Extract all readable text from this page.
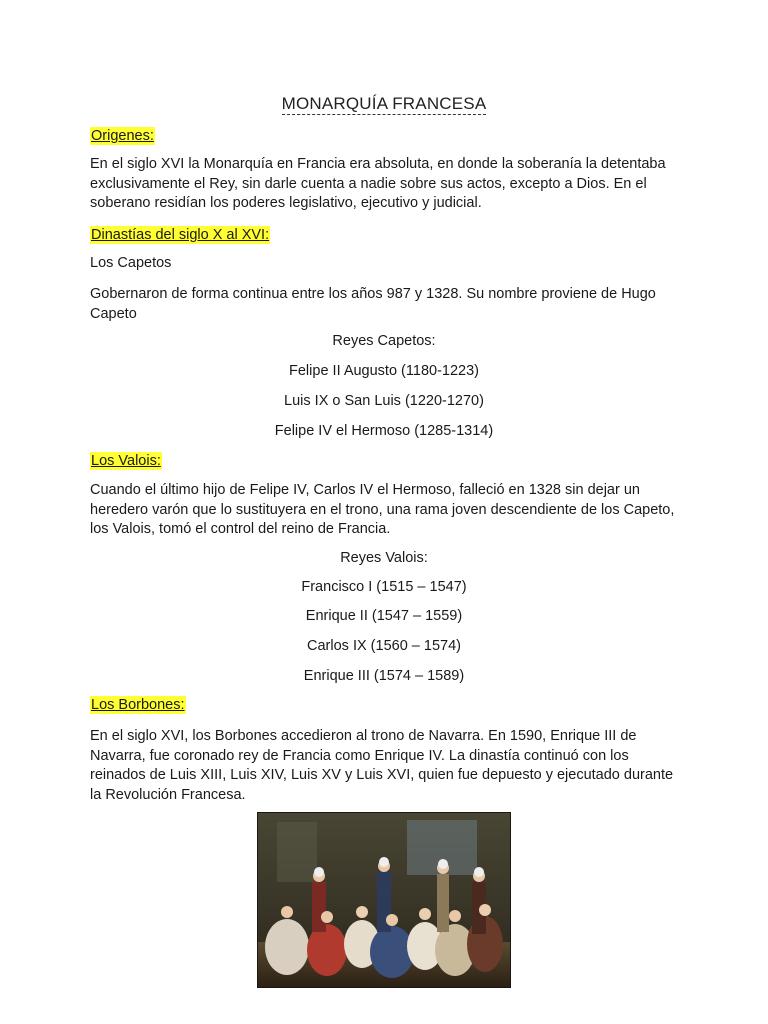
MONARQUÍA FRANCESA
Origenes:

En el siglo XVI la Monarquía en Francia era absoluta, en donde la soberanía la detentaba exclusivamente el Rey, sin darle cuenta a nadie sobre sus actos, excepto a Dios. En el soberano residían los poderes legislativo, ejecutivo y judicial.

Dinastías del siglo X al XVI:

Los Capetos

Gobernaron de forma continua entre los años 987 y 1328. Su nombre proviene de Hugo Capeto

Reyes Capetos:
Felipe II Augusto (1180-1223)
Luis IX o San Luis (1220-1270)
Felipe IV el Hermoso (1285-1314)
Los Valois:

Cuando el último hijo de Felipe IV, Carlos IV el Hermoso, falleció en 1328 sin dejar un heredero varón que lo sustituyera en el trono, una rama joven descendiente de los Capeto, los Valois, tomó el control del reino de Francia.

Reyes Valois:
Francisco I (1515 – 1547)
Enrique II (1547 – 1559)
Carlos IX (1560 – 1574)
Enrique III (1574 – 1589)
Los Borbones:

En el siglo XVI, los Borbones accedieron al trono de Navarra. En 1590, Enrique III de Navarra, fue coronado rey de Francia como Enrique IV. La dinastía continuó con los reinados de Luis XIII, Luis XIV, Luis XV y Luis XVI, quien fue depuesto y ejecutado durante la Revolución Francesa.
